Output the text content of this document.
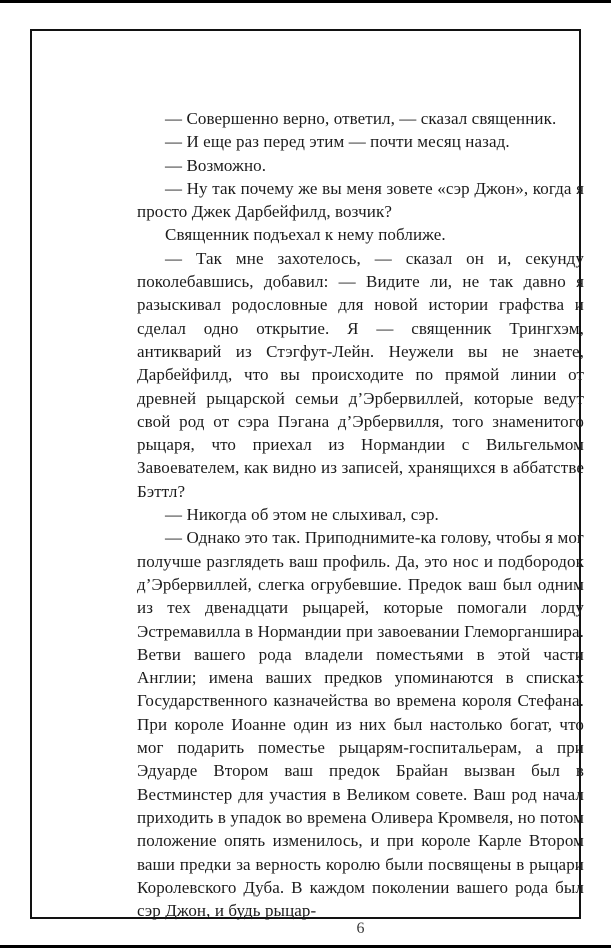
— Совершенно верно, ответил, — сказал священник.

— И еще раз перед этим — почти месяц назад.

— Возможно.

— Ну так почему же вы меня зовете «сэр Джон», когда я просто Джек Дарбейфилд, возчик?

Священник подъехал к нему поближе.

— Так мне захотелось, — сказал он и, секунду поколебавшись, добавил: — Видите ли, не так давно я разыскивал родословные для новой истории графства и сделал одно открытие. Я — священник Трингхэм, антикварий из Стэгфут-Лейн. Неужели вы не знаете, Дарбейфилд, что вы происходите по прямой линии от древней рыцарской семьи д’Эрбервиллей, которые ведут свой род от сэра Пэгана д’Эрбервилля, того знаменитого рыцаря, что приехал из Нормандии с Вильгельмом Завоевателем, как видно из записей, хранящихся в аббатстве Бэттл?

— Никогда об этом не слыхивал, сэр.

— Однако это так. Приподнимите-ка голову, чтобы я мог получше разглядеть ваш профиль. Да, это нос и подбородок д’Эрбервиллей, слегка огрубевшие. Предок ваш был одним из тех двенадцати рыцарей, которые помогали лорду Эстремавилла в Нормандии при завоевании Глеморганшира. Ветви вашего рода владели поместьями в этой части Англии; имена ваших предков упоминаются в списках Государственного казначейства во времена короля Стефана. При короле Иоанне один из них был настолько богат, что мог подарить поместье рыцарям-госпитальерам, а при Эдуарде Втором ваш предок Брайан вызван был в Вестминстер для участия в Великом совете. Ваш род начал приходить в упадок во времена Оливера Кромвеля, но потом положение опять изменилось, и при короле Карле Втором ваши предки за верность королю были посвящены в рыцари Королевского Дуба. В каждом поколении вашего рода был сэр Джон, и будь рыцар-

6
